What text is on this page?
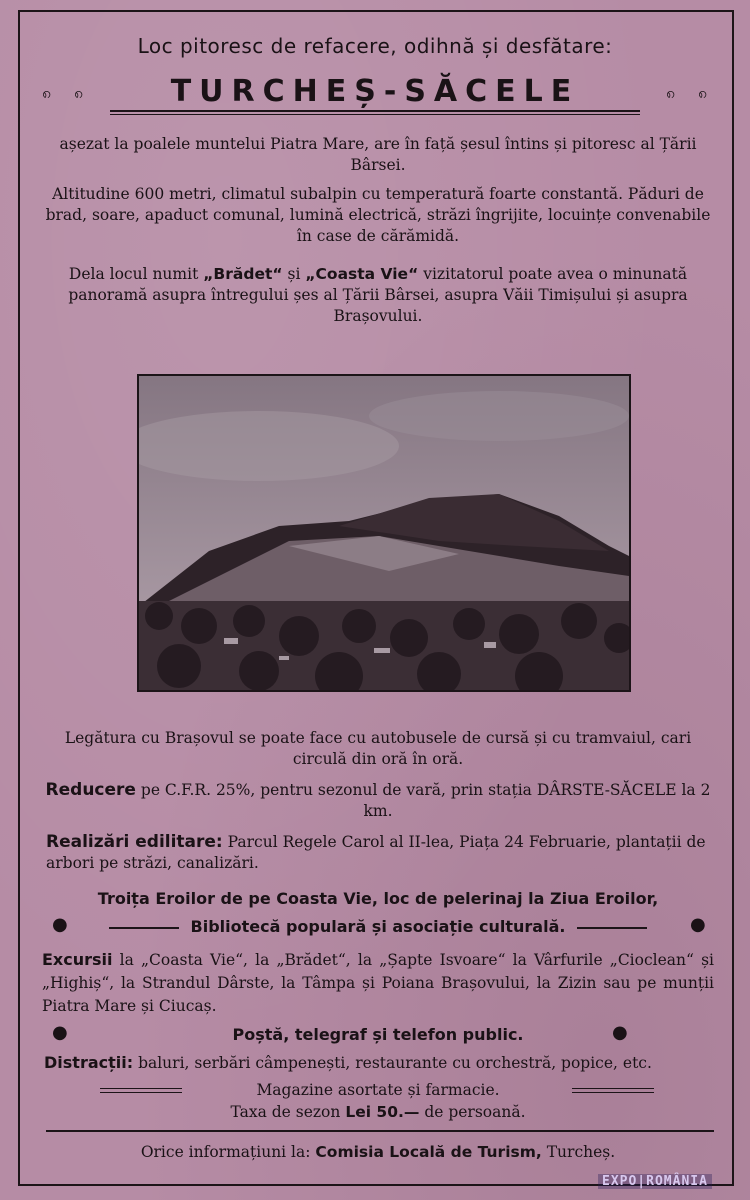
Loc pitoresc de refacere, odihnă și desfătare:
၈ ၈	TURCHEȘ-SĂCELE	၈ ၈
așezat la poalele muntelui Piatra Mare, are în față șesul întins și pitoresc al Țării Bârsei.
Altitudine 600 metri, climatul subalpin cu temperatură foarte constantă. Păduri de brad, soare, apaduct comunal, lumină electrică, străzi îngrijite, locuințe convenabile în case de cărămidă.
Dela locul numit „Brădet“ și „Coasta Vie“ vizitatorul poate avea o minunată panoramă asupra întregului șes al Țării Bârsei, asupra Văii Timișului și asupra Brașovului.
Legătura cu Brașovul se poate face cu autobusele de cursă și cu tramvaiul, cari circulă din oră în oră.
Reducere pe C.F.R. 25%, pentru sezonul de vară, prin stația DÂRSTE-SĂCELE la 2 km.
Realizări edilitare: Parcul Regele Carol al II-lea, Piața 24 Februarie, plantații de arbori pe străzi, canalizări.
Troița Eroilor de pe Coasta Vie, loc de pelerinaj la Ziua Eroilor,
●	Bibliotecă populară și asociație culturală.	●
Excursii la „Coasta Vie“, la „Brădet“, la „Șapte Isvoare“ la Vârfurile „Cioclean“ și „Highiș“, la Strandul Dârste, la Tâmpa și Poiana Brașovului, la Zizin sau pe munții Piatra Mare și Ciucaș.
●	Poștă, telegraf și telefon public.	●
Distracții: baluri, serbări câmpenești, restaurante cu orchestră, popice, etc.
Magazine asortate și farmacie.
Taxa de sezon Lei 50.— de persoană.
Orice informațiuni la: Comisia Locală de Turism, Turcheș.
EXPO|ROMÂNIA
